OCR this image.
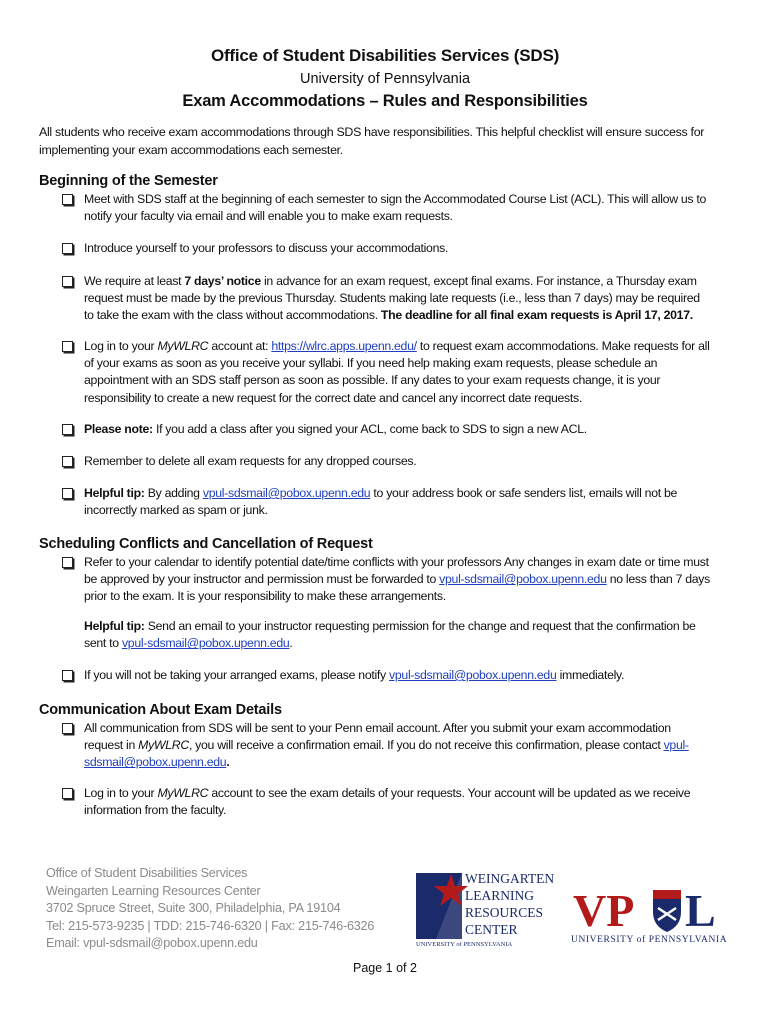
Office of Student Disabilities Services (SDS)
University of Pennsylvania
Exam Accommodations – Rules and Responsibilities
All students who receive exam accommodations through SDS have responsibilities. This helpful checklist will ensure success for implementing your exam accommodations each semester.
Beginning of the Semester
Meet with SDS staff at the beginning of each semester to sign the Accommodated Course List (ACL). This will allow us to notify your faculty via email and will enable you to make exam requests.
Introduce yourself to your professors to discuss your accommodations.
We require at least 7 days’ notice in advance for an exam request, except final exams. For instance, a Thursday exam request must be made by the previous Thursday. Students making late requests (i.e., less than 7 days) may be required to take the exam with the class without accommodations. The deadline for all final exam requests is April 17, 2017.
Log in to your MyWLRC account at: https://wlrc.apps.upenn.edu/ to request exam accommodations. Make requests for all of your exams as soon as you receive your syllabi. If you need help making exam requests, please schedule an appointment with an SDS staff person as soon as possible. If any dates to your exam requests change, it is your responsibility to create a new request for the correct date and cancel any incorrect date requests.
Please note: If you add a class after you signed your ACL, come back to SDS to sign a new ACL.
Remember to delete all exam requests for any dropped courses.
Helpful tip: By adding vpul-sdsmail@pobox.upenn.edu to your address book or safe senders list, emails will not be incorrectly marked as spam or junk.
Scheduling Conflicts and Cancellation of Request
Refer to your calendar to identify potential date/time conflicts with your professors Any changes in exam date or time must be approved by your instructor and permission must be forwarded to vpul-sdsmail@pobox.upenn.edu no less than 7 days prior to the exam. It is your responsibility to make these arrangements.
Helpful tip: Send an email to your instructor requesting permission for the change and request that the confirmation be sent to vpul-sdsmail@pobox.upenn.edu.
If you will not be taking your arranged exams, please notify vpul-sdsmail@pobox.upenn.edu immediately.
Communication About Exam Details
All communication from SDS will be sent to your Penn email account. After you submit your exam accommodation request in MyWLRC, you will receive a confirmation email. If you do not receive this confirmation, please contact vpul-sdsmail@pobox.upenn.edu.
Log in to your MyWLRC account to see the exam details of your requests. Your account will be updated as we receive information from the faculty.
Office of Student Disabilities Services
Weingarten Learning Resources Center
3702 Spruce Street, Suite 300, Philadelphia, PA 19104
Tel: 215-573-9235 | TDD: 215-746-6320 | Fax: 215-746-6326
Email: vpul-sdsmail@pobox.upenn.edu
WEINGARTEN
LEARNING
RESOURCES
CENTER
UNIVERSITY of PENNSYLVANIA
VP L
UNIVERSITY of PENNSYLVANIA
Page 1 of 2
